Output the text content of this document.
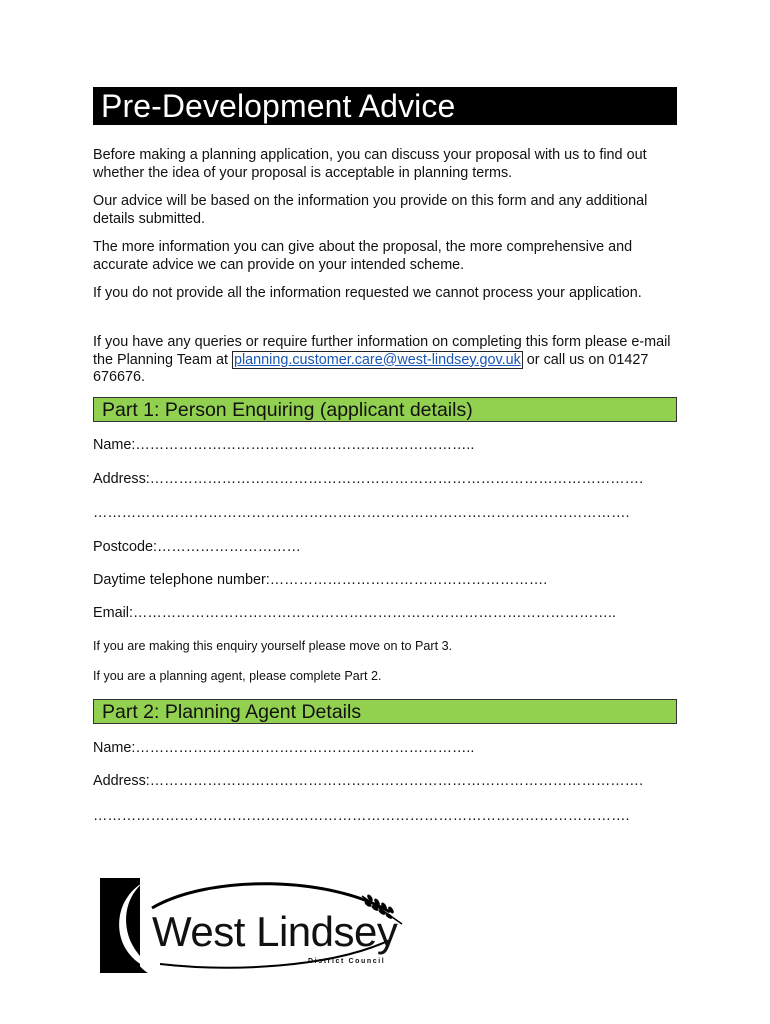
Pre-Development Advice

Before making a planning application, you can discuss your proposal with us to find out whether the idea of your proposal is acceptable in planning terms.

Our advice will be based on the information you provide on this form and any additional details submitted.

The more information you can give about the proposal, the more comprehensive and accurate advice we can provide on your intended scheme.

If you do not provide all the information requested we cannot process your application.

If you have any queries or require further information on completing this form please e-mail the Planning Team at planning.customer.care@west-lindsey.gov.uk or call us on 01427 676676.

Part 1: Person Enquiring (applicant details)
Name:……………………………………………………………..
Address:………………………………………………………………………………………….
………………………………………………………………………………………………….
Postcode:…………………………
Daytime telephone number:………………………………………………….
Email:………………………………………………………………………………………..
If you are making this enquiry yourself please move on to Part 3.
If you are a planning agent, please complete Part 2.
Part 2: Planning Agent Details
Name:……………………………………………………………..
Address:………………………………………………………………………………………….
………………………………………………………………………………………………….
West Lindsey
District Council
